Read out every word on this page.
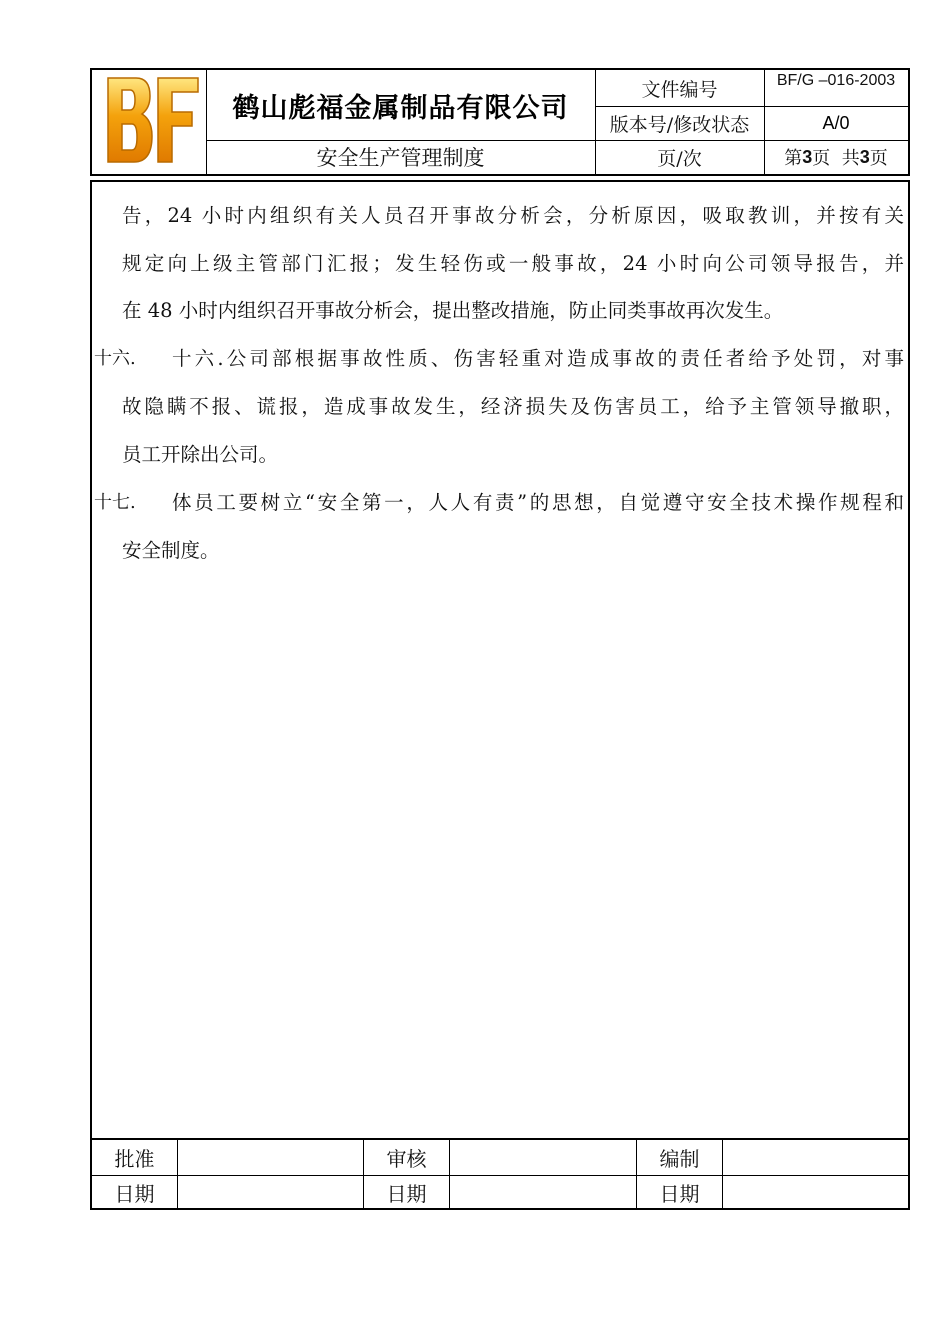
鹤山彪福金属制品有限公司
安全生产管理制度
文件编号	BF/G –016-2003
版本号/修改状态	A/0
页/次	第 3 页  共 3 页
告，24 小时内组织有关人员召开事故分析会，分析原因，吸取教训，并按有关
规定向上级主管部门汇报；发生轻伤或一般事故，24 小时向公司领导报告，并
在 48 小时内组织召开事故分析会，提出整改措施，防止同类事故再次发生。
十六. 十六.公司部根据事故性质、伤害轻重对造成事故的责任者给予处罚，对事
故隐瞒不报、谎报，造成事故发生，经济损失及伤害员工，给予主管领导撤职，
员工开除出公司。
十七. 体员工要树立“安全第一，人人有责”的思想，自觉遵守安全技术操作规程和
安全制度。
批准	审核	编制
日期	日期	日期
